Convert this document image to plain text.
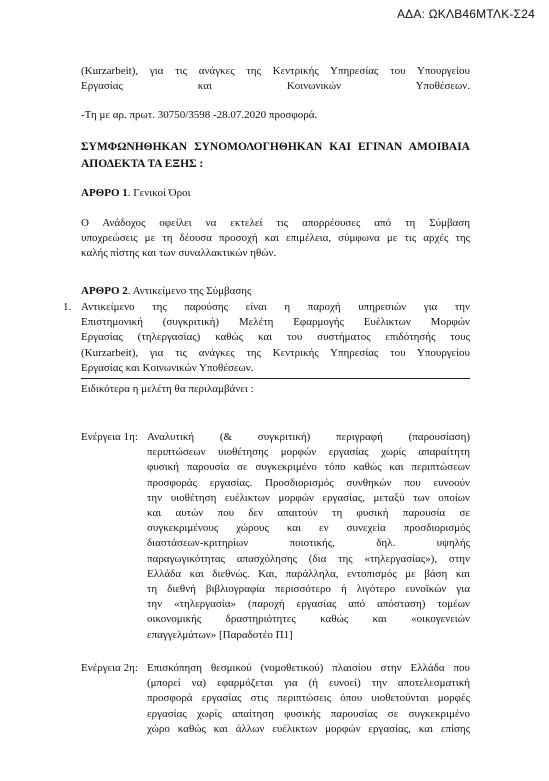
ΑΔΑ: ΩΚΛΒ46ΜΤΛΚ-Σ24
(Kurzarbeit), για τις ανάγκες της Κεντρικής Υπηρεσίας του Υπουργείου
Εργασίας και Κοινωνικών Υποθέσεων.
-Τη με αρ. πρωτ. 30750/3598 -28.07.2020 προσφορά.
ΣΥΜΦΩΝΗΘΗΚΑΝ ΣΥΝΟΜΟΛΟΓΗΘΗΚΑΝ ΚΑΙ ΕΓΙΝΑΝ ΑΜΟΙΒΑΙΑ
ΑΠΟΔΕΚΤΑ ΤΑ ΕΞΗΣ :
ΑΡΘΡΟ 1. Γενικοί Όροι
Ο Ανάδοχος οφείλει να εκτελεί τις απορρέουσες από τη Σύμβαση
υποχρεώσεις με τη δέουσα προσοχή και επιμέλεια, σύμφωνα με τις αρχές της
καλής πίστης και των συναλλακτικών ηθών.
ΑΡΘΡΟ 2. Αντικείμενο της Σύμβασης
1. Αντικείμενο της παρούσης είναι η παροχή υπηρεσιών για την
Επιστημονική (συγκριτική) Μελέτη Εφαρμογής Ευέλικτων Μορφών
Εργασίας (τηλεργασίας) καθώς και του συστήματος επιδότησής τους
(Kurzarbeit), για τις ανάγκες της Κεντρικής Υπηρεσίας του Υπουργείου
Εργασίας και Κοινωνικών Υποθέσεων.
Ειδικότερα η μελέτη θα περιλαμβάνει :
Ενέργεια 1η: Αναλυτική (& συγκριτική) περιγραφή (παρουσίαση)
περιπτώσεων υιοθέτησης μορφών εργασίας χωρίς απαραίτητη
φυσική παρουσία σε συγκεκριμένο τόπο καθώς και περιπτώσεων
προσφοράς εργασίας. Προσδιορισμός συνθηκών που ευνοούν
την υιοθέτηση ευέλικτων μορφών εργασίας, μεταξύ των οποίων
και αυτών που δεν απαιτούν τη φυσική παρουσία σε
συγκεκριμένους χώρους και εν συνεχεία προσδιορισμός
διαστάσεων-κριτηρίων ποιοτικής, δηλ. υψηλής
παραγωγικότητας απασχόλησης (δια της «τηλεργασίας»), στην
Ελλάδα και διεθνώς. Και, παράλληλα, εντοπισμός με βάση και
τη διεθνή βιβλιογραφία περισσότερο ή λιγότερο ευνοϊκών για
την «τηλεργασία» (παροχή εργασίας από απόσταση) τομέων
οικονομικής δραστηριότητες καθώς και «οικογενειών
επαγγελμάτων» [Παραδοτέο Π1]
Ενέργεια 2η: Επισκόπηση θεσμικού (νομοθετικού) πλαισίου στην Ελλάδα που
(μπορεί να) εφαρμόζεται για (ή ευνοεί) την αποτελεσματική
προσφορά εργασίας στις περιπτώσεις όπου υιοθετούνται μορφές
εργασίας χωρίς απαίτηση φυσικής παρουσίας σε συγκεκριμένο
χώρο καθώς και άλλων ευέλικτων μορφών εργασίας, και επίσης
